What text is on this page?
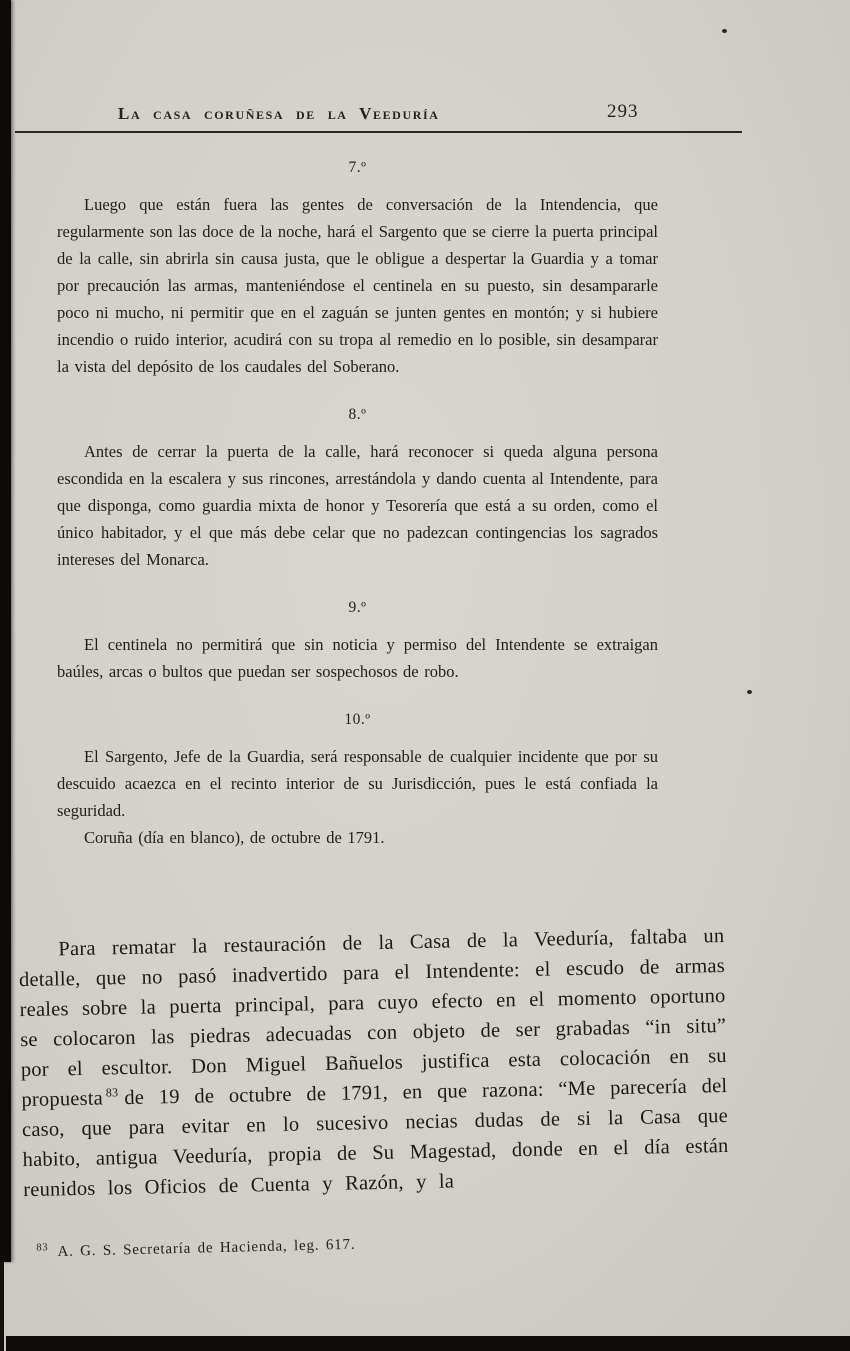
La casa coruñesa de la Veeduría	293
7.º

Luego que están fuera las gentes de conversación de la Intendencia, que regularmente son las doce de la noche, hará el Sargento que se cierre la puerta principal de la calle, sin abrirla sin causa justa, que le obligue a despertar la Guardia y a tomar por precaución las armas, manteniéndose el centinela en su puesto, sin desampararle poco ni mucho, ni permitir que en el zaguán se junten gentes en montón; y si hubiere incendio o ruido interior, acudirá con su tropa al remedio en lo posible, sin desamparar la vista del depósito de los caudales del Soberano.

8.º

Antes de cerrar la puerta de la calle, hará reconocer si queda alguna persona escondida en la escalera y sus rincones, arrestándola y dando cuenta al Intendente, para que disponga, como guardia mixta de honor y Tesorería que está a su orden, como el único habitador, y el que más debe celar que no padezcan contingencias los sagrados intereses del Monarca.

9.º

El centinela no permitirá que sin noticia y permiso del Intendente se extraigan baúles, arcas o bultos que puedan ser sospechosos de robo.

10.º

El Sargento, Jefe de la Guardia, será responsable de cualquier incidente que por su descuido acaezca en el recinto interior de su Jurisdicción, pues le está confiada la seguridad.

Coruña (día en blanco), de octubre de 1791.

Para rematar la restauración de la Casa de la Veeduría, faltaba un detalle, que no pasó inadvertido para el Intendente: el escudo de armas reales sobre la puerta principal, para cuyo efecto en el momento oportuno se colocaron las piedras adecuadas con objeto de ser grabadas “in situ” por el escultor. Don Miguel Bañuelos justifica esta colocación en su propuesta $^{83}$ de 19 de octubre de 1791, en que razona: “Me parecería del caso, que para evitar en lo sucesivo necias dudas de si la Casa que habito, antigua Veeduría, propia de Su Magestad, donde en el día están reunidos los Oficios de Cuenta y Razón, y la
$^{83}$ A. G. S. Secretaría de Hacienda, leg. 617.
